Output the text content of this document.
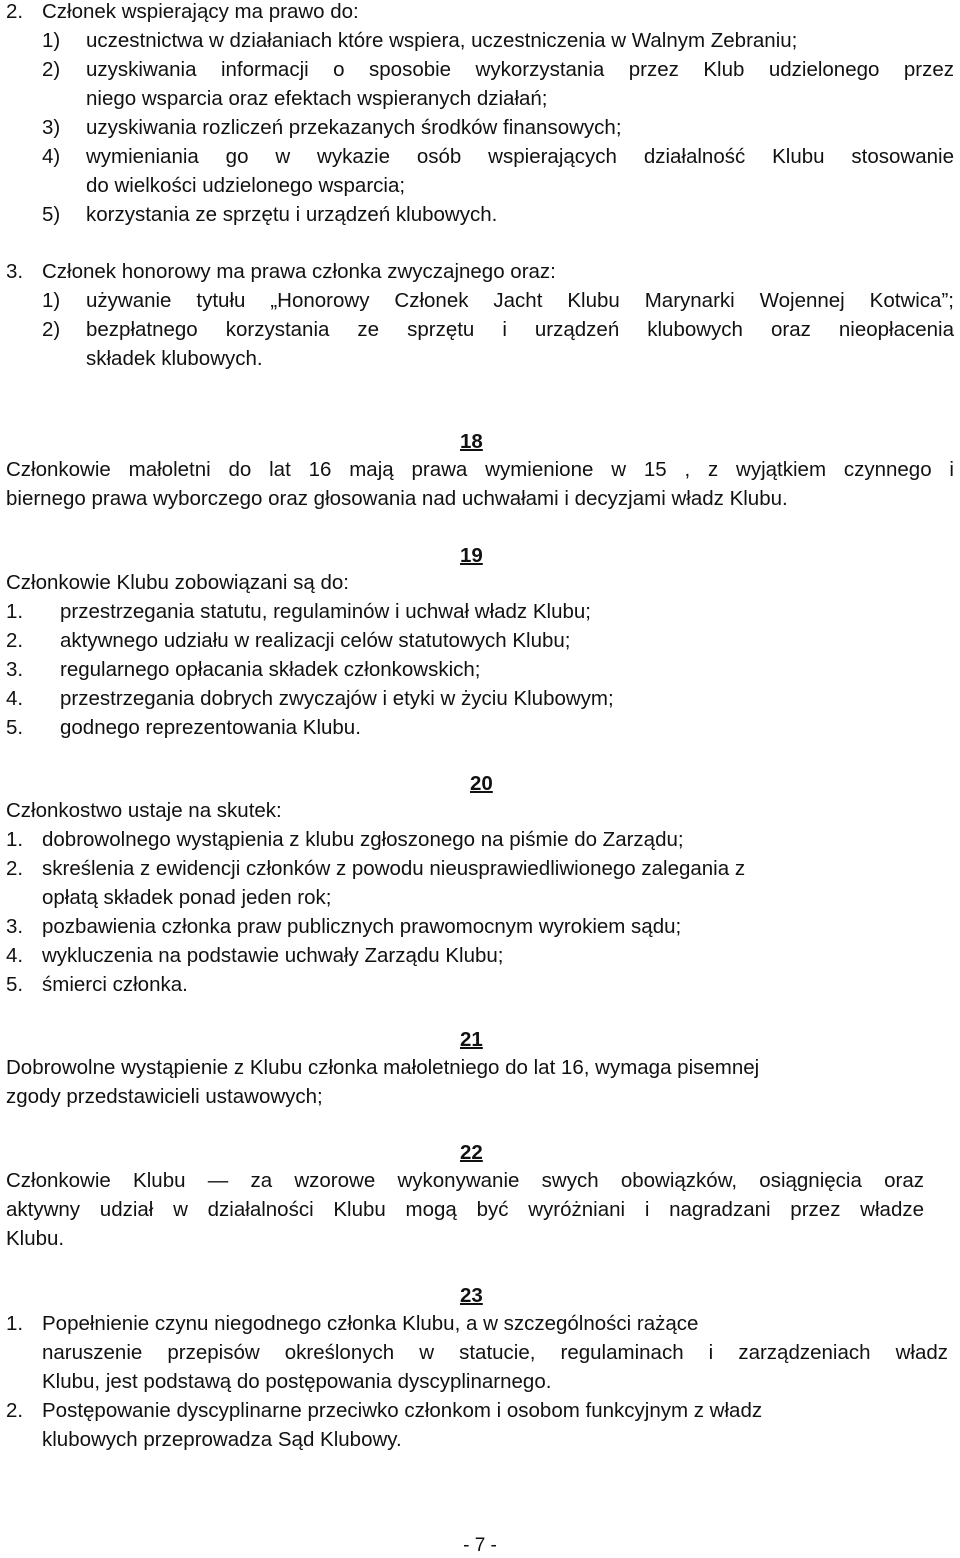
2. Członek wspierający ma prawo do:
1) uczestnictwa w działaniach które wspiera, uczestniczenia w Walnym Zebraniu;
2) uzyskiwania informacji o sposobie wykorzystania przez Klub udzielonego przez
niego wsparcia oraz efektach wspieranych działań;
3) uzyskiwania rozliczeń przekazanych środków finansowych;
4) wymieniania go w wykazie osób wspierających działalność Klubu stosowanie
do wielkości udzielonego wsparcia;
5) korzystania ze sprzętu i urządzeń klubowych.
3. Członek honorowy ma prawa członka zwyczajnego oraz:
1) używanie tytułu „Honorowy Członek Jacht Klubu Marynarki Wojennej Kotwica”;
2) bezpłatnego korzystania ze sprzętu i urządzeń klubowych oraz nieopłacenia
składek klubowych.
18
Członkowie małoletni do lat 16 mają prawa wymienione w 15 , z wyjątkiem czynnego i
biernego prawa wyborczego oraz głosowania nad uchwałami i decyzjami władz Klubu.
19
Członkowie Klubu zobowiązani są do:
1. przestrzegania statutu, regulaminów i uchwał władz Klubu;
2. aktywnego udziału w realizacji celów statutowych Klubu;
3. regularnego opłacania składek członkowskich;
4. przestrzegania dobrych zwyczajów i etyki w życiu Klubowym;
5. godnego reprezentowania Klubu.
20
Członkostwo ustaje na skutek:
1. dobrowolnego wystąpienia z klubu zgłoszonego na piśmie do Zarządu;
2. skreślenia z ewidencji członków z powodu nieusprawiedliwionego zalegania z
opłatą składek ponad jeden rok;
3. pozbawienia członka praw publicznych prawomocnym wyrokiem sądu;
4. wykluczenia na podstawie uchwały Zarządu Klubu;
5. śmierci członka.
21
Dobrowolne wystąpienie z Klubu członka małoletniego do lat 16, wymaga pisemnej
zgody przedstawicieli ustawowych;
22
Członkowie Klubu — za wzorowe wykonywanie swych obowiązków, osiągnięcia oraz
aktywny udział w działalności Klubu mogą być wyróżniani i nagradzani przez władze
Klubu.
23
1. Popełnienie czynu niegodnego członka Klubu, a w szczególności rażące
naruszenie przepisów określonych w statucie, regulaminach i zarządzeniach władz
Klubu, jest podstawą do postępowania dyscyplinarnego.
2. Postępowanie dyscyplinarne przeciwko członkom i osobom funkcyjnym z władz
klubowych przeprowadza Sąd Klubowy.
- 7 -
